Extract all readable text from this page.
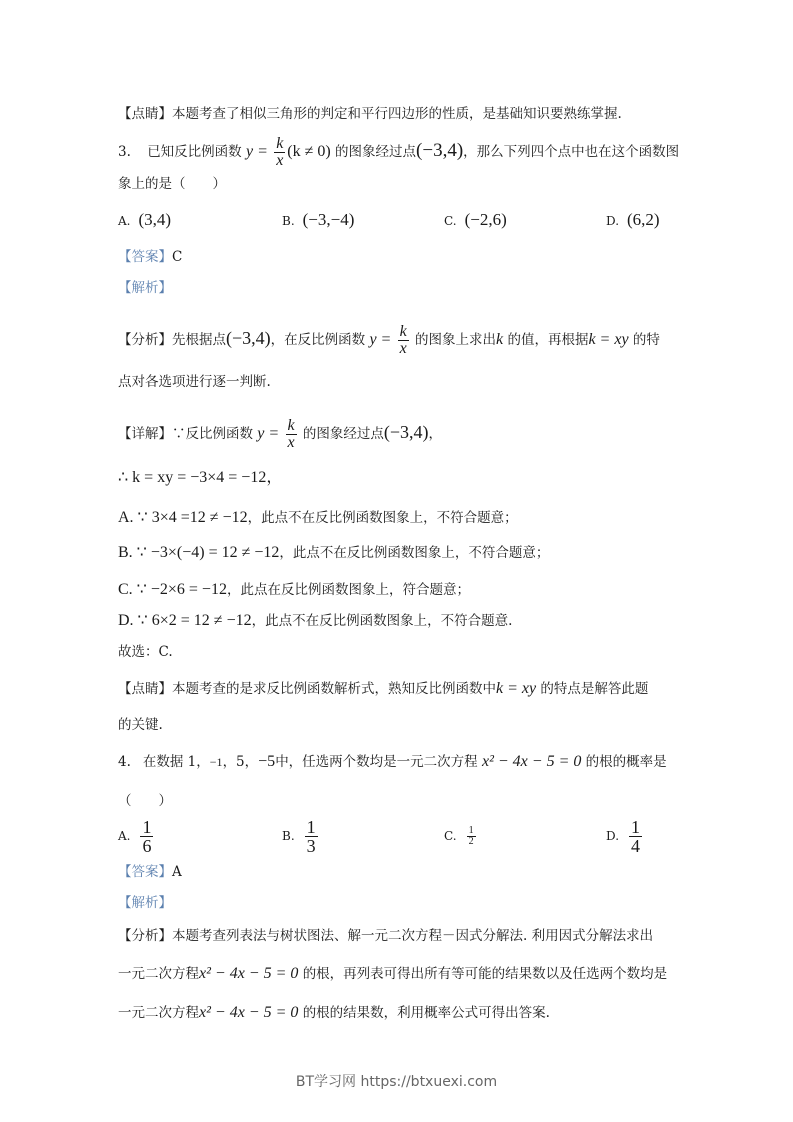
【点睛】本题考查了相似三角形的判定和平行四边形的性质，是基础知识要熟练掌握.
3. 已知反比例函数 $y = \frac{k}{x} (k \ne 0)$ 的图象经过点(−3,4)，那么下列四个点中也在这个函数图
象上的是（　　）
A. (3,4)	B. (−3,−4)	C. (−2,6)	D. (6,2)
【答案】C
【解析】
【分析】先根据点(−3,4)，在反比例函数 $y = \frac{k}{x}$ 的图象上求出k 的值，再根据k = xy 的特
点对各选项进行逐一判断.
【详解】∵反比例函数 $y = \frac{k}{x}$ 的图象经过点(−3,4)，
∴ k = xy = −3×4 = −12，
A. ∵ 3×4 =12 ≠ −12，此点不在反比例函数图象上，不符合题意；
B. ∵ −3×(−4) = 12 ≠ −12，此点不在反比例函数图象上，不符合题意；
C. ∵ −2×6 = −12，此点在反比例函数图象上，符合题意；
D. ∵ 6×2 = 12 ≠ −12，此点不在反比例函数图象上，不符合题意.
故选：C.
【点睛】本题考查的是求反比例函数解析式，熟知反比例函数中k = xy 的特点是解答此题
的关键.
4. 在数据 1，−1，5，−5中，任选两个数均是一元二次方程 x² − 4x − 5 = 0 的根的概率是
（　　）
A. $\frac{1}{6}$	B. $\frac{1}{3}$	C. $\frac{1}{2}$	D. $\frac{1}{4}$
【答案】A
【解析】
【分析】本题考查列表法与树状图法、解一元二次方程－因式分解法. 利用因式分解法求出
一元二次方程x² − 4x − 5 = 0 的根，再列表可得出所有等可能的结果数以及任选两个数均是
一元二次方程x² − 4x − 5 = 0 的根的结果数，利用概率公式可得出答案.
BT学习网 https://btxuexi.com
